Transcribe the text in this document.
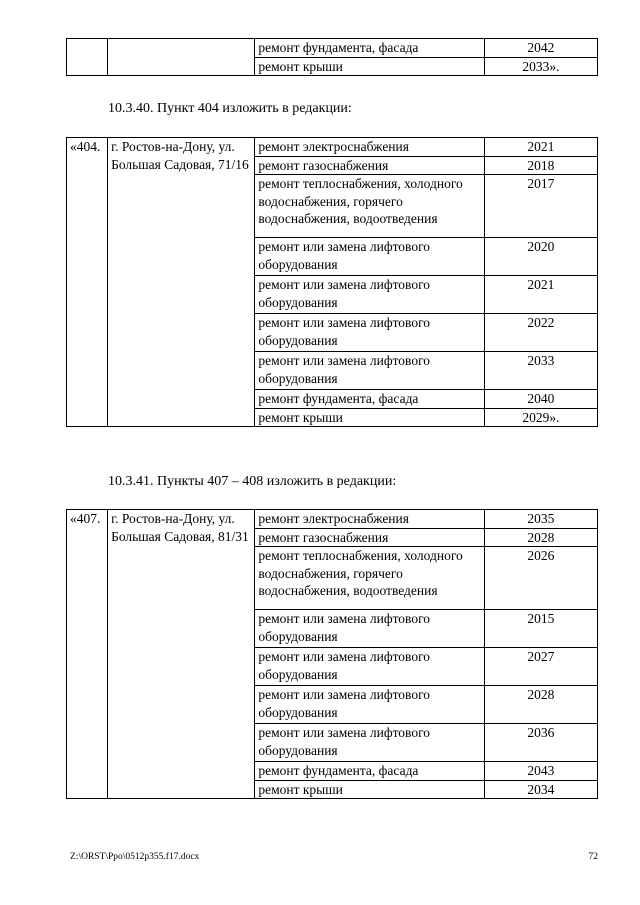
		ремонт фундамента, фасада	2042
		ремонт крыши	2033».
10.3.40. Пункт 404 изложить в редакции:
«404.	г. Ростов-на-Дону, ул. Большая Садовая, 71/16	ремонт электроснабжения	2021
		ремонт газоснабжения	2018
		ремонт теплоснабжения, холодного водоснабжения, горячего водоснабжения, водоотведения	2017
		ремонт или замена лифтового оборудования	2020
		ремонт или замена лифтового оборудования	2021
		ремонт или замена лифтового оборудования	2022
		ремонт или замена лифтового оборудования	2033
		ремонт фундамента, фасада	2040
		ремонт крыши	2029».
10.3.41. Пункты 407 – 408 изложить в редакции:
«407.	г. Ростов-на-Дону, ул. Большая Садовая, 81/31	ремонт электроснабжения	2035
		ремонт газоснабжения	2028
		ремонт теплоснабжения, холодного водоснабжения, горячего водоснабжения, водоотведения	2026
		ремонт или замена лифтового оборудования	2015
		ремонт или замена лифтового оборудования	2027
		ремонт или замена лифтового оборудования	2028
		ремонт или замена лифтового оборудования	2036
		ремонт фундамента, фасада	2043
		ремонт крыши	2034
Z:\ORST\Ppo\0512p355.f17.docx	72
